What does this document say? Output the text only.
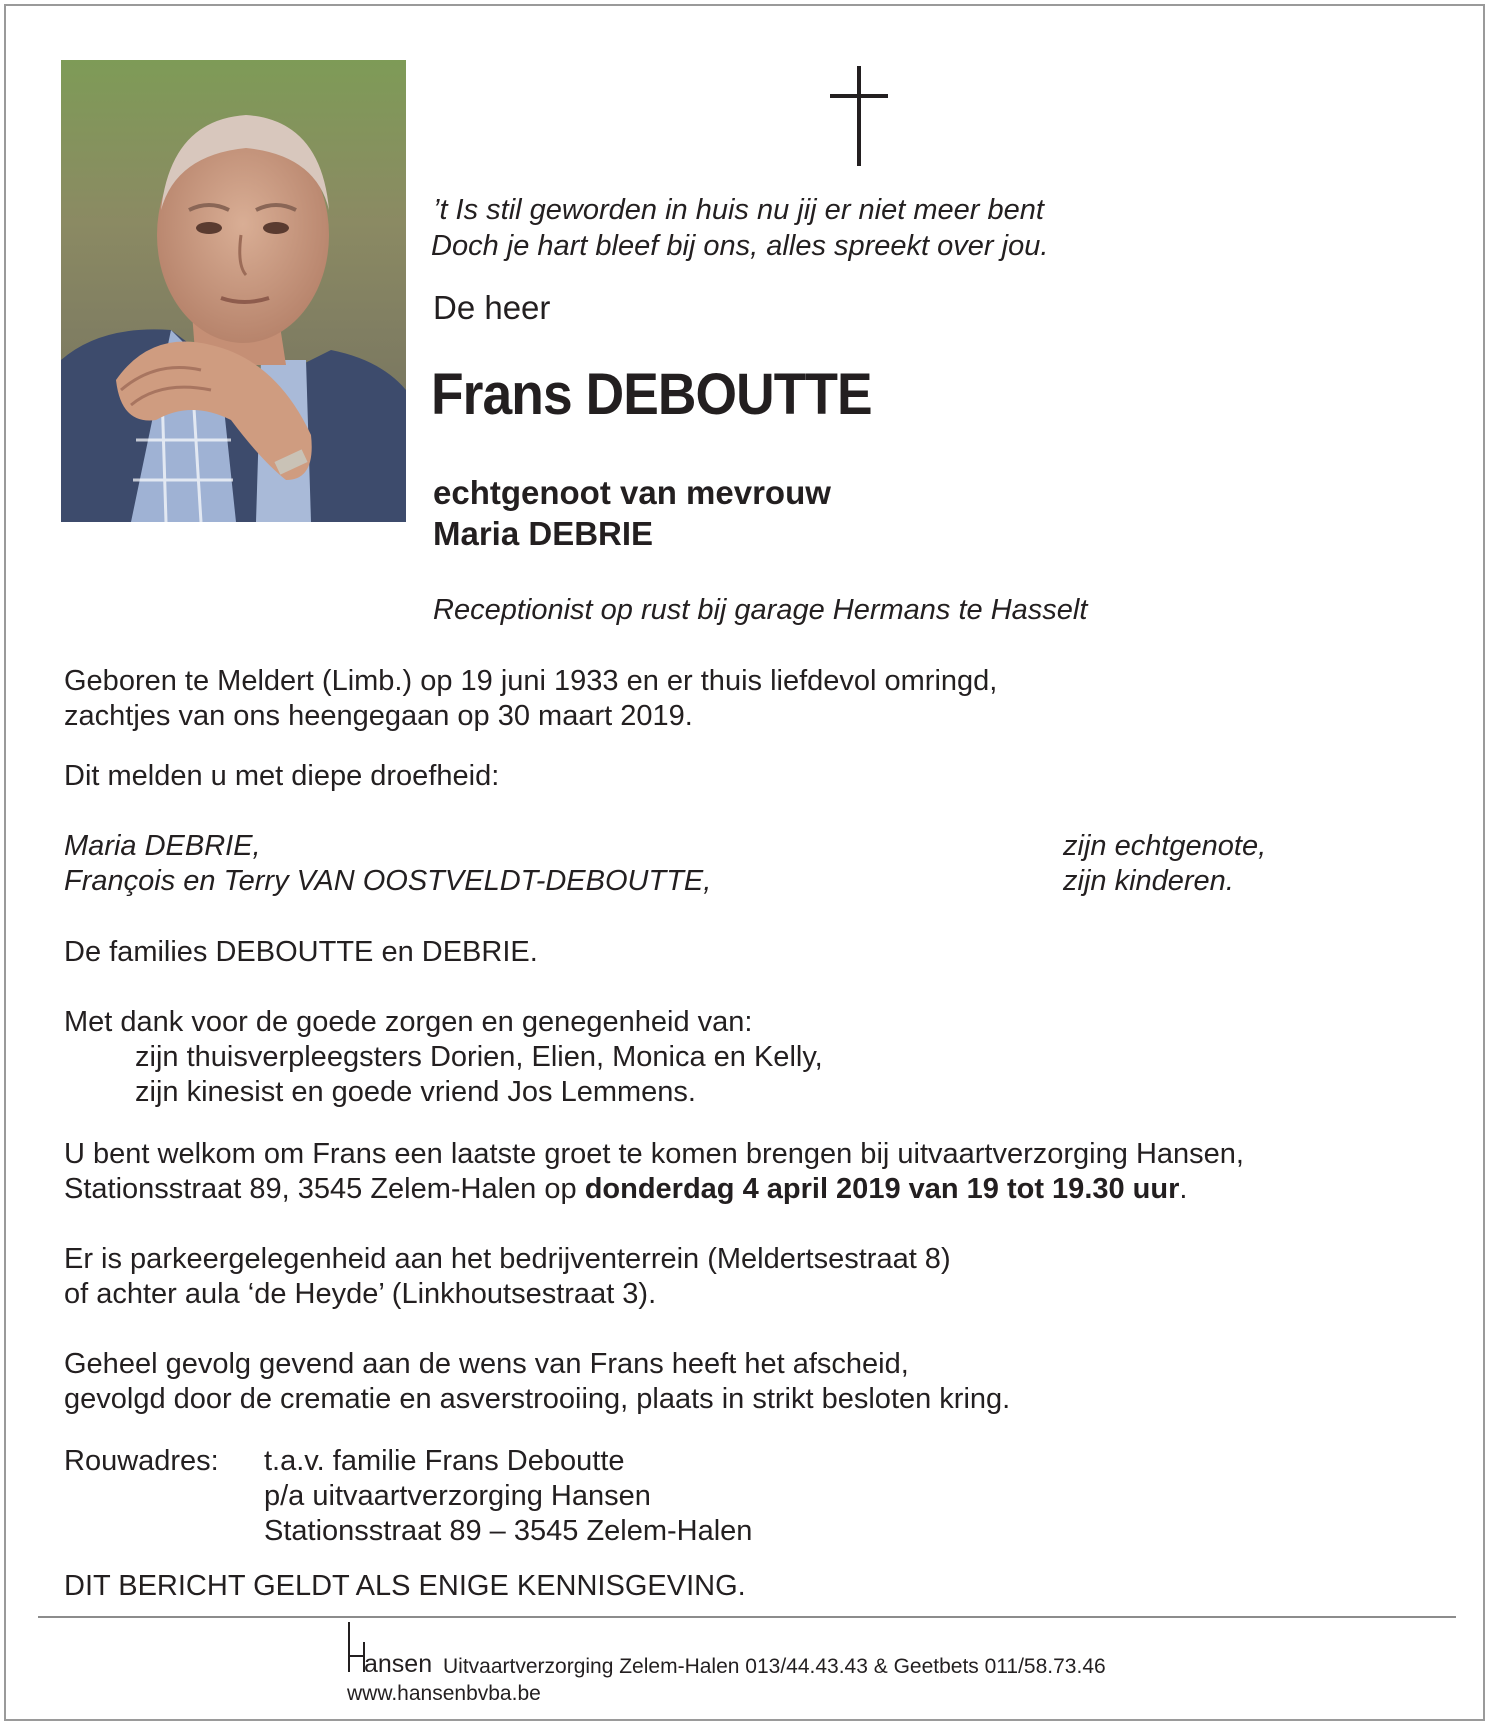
’t Is stil geworden in huis nu jij er niet meer bent
Doch je hart bleef bij ons, alles spreekt over jou.
De heer
Frans DEBOUTTE
echtgenoot van mevrouw
Maria DEBRIE
Receptionist op rust bij garage Hermans te Hasselt
Geboren te Meldert (Limb.) op 19 juni 1933 en er thuis liefdevol omringd,
zachtjes van ons heengegaan op 30 maart 2019.
Dit melden u met diepe droefheid:
Maria DEBRIE,	zijn echtgenote,
François en Terry VAN OOSTVELDT-DEBOUTTE,	zijn kinderen.
De families DEBOUTTE en DEBRIE.
Met dank voor de goede zorgen en genegenheid van:
zijn thuisverpleegsters Dorien, Elien, Monica en Kelly,
zijn kinesist en goede vriend Jos Lemmens.
U bent welkom om Frans een laatste groet te komen brengen bij uitvaartverzorging Hansen,
Stationsstraat 89, 3545 Zelem-Halen op donderdag 4 april 2019 van 19 tot 19.30 uur.
Er is parkeergelegenheid aan het bedrijventerrein (Meldertsestraat 8)
of achter aula ‘de Heyde’ (Linkhoutsestraat 3).
Geheel gevolg gevend aan de wens van Frans heeft het afscheid,
gevolgd door de crematie en asverstrooiing, plaats in strikt besloten kring.
Rouwadres: t.a.v. familie Frans Deboutte
p/a uitvaartverzorging Hansen
Stationsstraat 89 – 3545 Zelem-Halen
DIT BERICHT GELDT ALS ENIGE KENNISGEVING.
ansen Uitvaartverzorging Zelem-Halen 013/44.43.43 & Geetbets 011/58.73.46
www.hansenbvba.be
